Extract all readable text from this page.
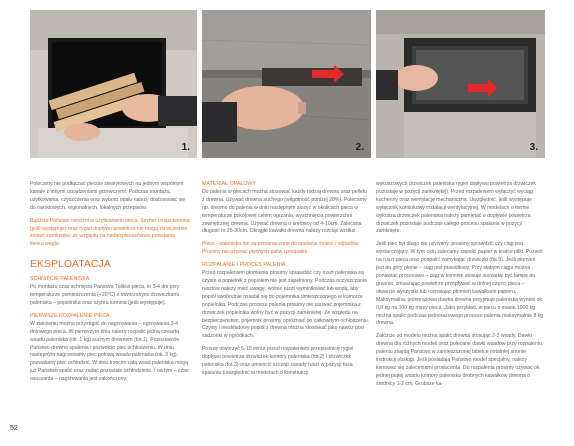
1.	2.	3.

Polecamy nie podłączać pieców steatytowych na jednym wspólnym kanale z innymi urządzeniami grzewczymi. Podczas montażu, użytkowania, czyszczenia oraz wyboru opału należy dostosować się do narodowych, regionalnych, lokalnych przepisów.

Bądźcie Państwo ostrożni w użytkowaniu pieca. Szyber i ruszt komina (jeśli występuje) oraz rygiel dopływu powietrza nie mogą za wcześnie zostać zamknięte, ze względu na niebezpieczeństwo powstania tlenku węgla.

EKSPLOATACJA
SCHNIĘCIE PALENISKA

Po montażu czas schnięcia Państwa Tulikivi pieca, to 3-4 dni przy temperaturze pomieszczenia (+20°C) z otworzonymi drzwiczkami paleniska – popielnika oraz szybra komina (jeśli występuje).

PIERWSZE ROZPALENIE PIECA

W założeniu można przystąpić do nagrzewania – ogrzewania 3-4 dniowego pieca. W pierwszym dniu należy rozpalić jedną czwartą wsadu paleniska (ok. 1 kg) suchym drewnem (fot.1). Pozostawcie Państwo drewno spalenia i pozwólcie piec ochłodzeniu. W dniu następnym nagrzewamy piec połową wsadu paleniska (ok. 3 kg), pozwalamy piec ochłodzić. W dniu trzecim całą wsad paleniska mogą już Państwo spalić oraz zadać pozostałe ochłodzenie. I na tym – czas osuszania – nagrzewania jest zakończony.

MATERIAŁ OPAŁOWY

Do palenia w piecach można stosować każdy rodzaj drewna oraz pelletu z drewna. Używać drewna suchego (wilgotność poniżej 20%). Polecamy np. drewno do palenia w dniu następnym złożyć w okolicach pieca w temperaturze pokojowej celem ogrzania, wyschnięcia powierzchni zewnętrznej drewna. Używać drewna o średnicy od 4-10cm. Zalecana długość to 25-30cm. Okrągłe kawałki drewna należy rozciąć wzdłuż.

Piece - paleniska nie są przeznaczone do spalania śmieci i odpadów. Prosimy nie używać płynnych paliw i podpałek.

ROZPALANIE I PROCES PALENIA

Przed rozpaleniem płomienia prosimy sprawdzić czy ruszt paleniska są czyste a popielnik z popiołem nie jest zapełniony. Podczas oczyszczania rusztów należy mieć uwagę, wolnie ruszt wymiotłować lub wodą, aby popiół swobodnie osiadał się do pojemnika umieszczonego w komorze popielnika. Podczas procesu palenia prosimy nie usuwać pojemnika z drzwiczek popielnika wolny być w pozycji zamkniętej. Ze względu na bezpieczeństwo, pojemnik prosimy opróżniać po całkowitym ochłodzeniu. Czysty i nieskładowy popiół z drewna można stosować jako nawóz pod sadzonki w ogródkach.

Proszę otworzyć 5-10 minut przed rozpaleniem przepustnicę rygiel dopływu powietrza drzwiczek komory paleniska (fot.2) i drzwiczek paleniska (fot.3) oraz umieścić szczap zasady ruszt w pozycji fasa spalania (uwzględnić w modelach o konstrukcji

wykuszowych drzwiczek paleniska rygiel dopływu powietrza drzwiczek pozostaje w pozycji zamkniętej). Przed rozpaleniem wyłączyć wyciąg kuchenny oraz wentylację mechaniczną. Uwzględnić, jeśli występuje wyłącznik kominkowy instalacji wentylacyjnej. W modelach o formie wykusza drzwiczek paleniska należy pamiętać o dopływie powietrza drzwiczek pozostaje podczas całego procesu spalania w pozycji zamknięte.

Jeśli piec był długo nie używany, prosimy sprawdzić czy ciąg jest wystarczający. W tym celu zalecamy zapalić papier w kratce piłki. Pozwól na ruszt pieca oraz podpalić zamykając drzwiczki (fot.5). Jeśli płomień jest do góry płonie – ciąg jest prawidłowy. Przy słabym ciągu można ponawiać procesowo – ciąg w kominie stosuje suszarkę być lampę do grzania, zmuszając powietrze przepływać w dolnej części pieca – otwarcie wyczystki lub rozpalając płomień kawałkami papieru. Maksymalna, jednorazowa dawka drewna przyjmuje paleniska wynosi ok. 0,8 kg na 100 kg masy pieca. Jako przykład, w piecu o masie 1900 kg można spalić podczas jednorazowego procesu palenia maksymalnie 8 kg drewna.

Załóżcie od modelu można spalić drewna stosując 2-3 wsady. Dawki drewna dla różnych modeli oraz polecane dawki wsadów przy rozpaleniu, paleniu znajdą Państwo w zamieszczonej tabelce ostatniej stronie instrukcji obsługi. Jeśli posiadają Państwo model specjalny, należy kierować się zaleceniami producenta. Do rozpalenia prosimy używać ok. jednej piątej wsadu komory paleniska drobnych kawałków drewna o średnicy 1-2 cm. Grubsze ka-

52
